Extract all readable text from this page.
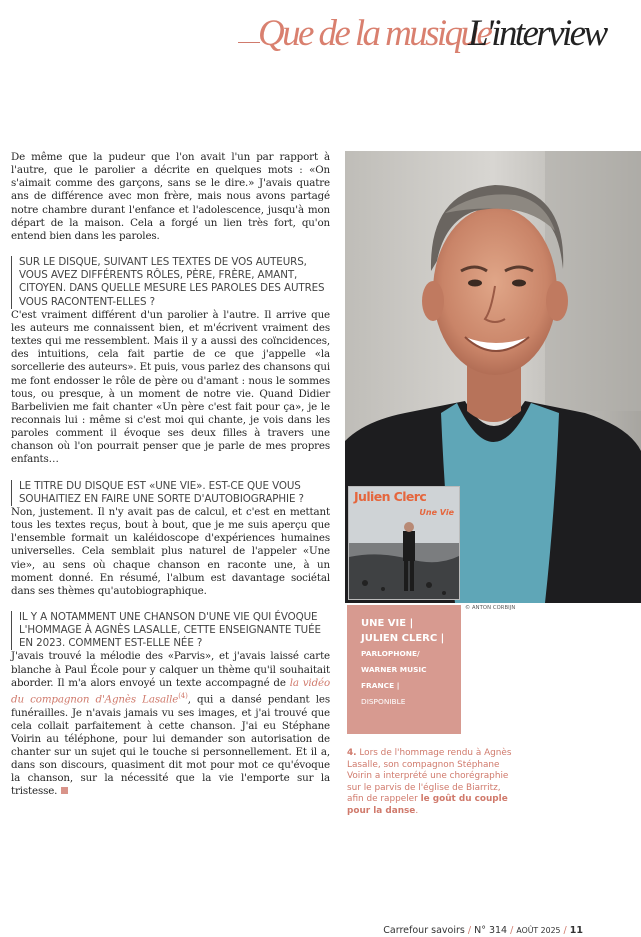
Que de la musique
L'interview

De même que la pudeur que l'on avait l'un par rapport à l'autre, que le parolier a décrite en quelques mots : «On s'aimait comme des garçons, sans se le dire.» J'avais quatre ans de différence avec mon frère, mais nous avons partagé notre chambre durant l'enfance et l'adolescence, jusqu'à mon départ de la maison. Cela a forgé un lien très fort, qu'on entend bien dans les paroles.

SUR LE DISQUE, SUIVANT LES TEXTES DE VOS AUTEURS, VOUS AVEZ DIFFÉRENTS RÔLES, PÈRE, FRÈRE, AMANT, CITOYEN. DANS QUELLE MESURE LES PAROLES DES AUTRES VOUS RACONTENT-ELLES ?

C'est vraiment différent d'un parolier à l'autre. Il arrive que les auteurs me connaissent bien, et m'écrivent vraiment des textes qui me ressemblent. Mais il y a aussi des coïncidences, des intuitions, cela fait partie de ce que j'appelle «la sorcellerie des auteurs». Et puis, vous parlez des chansons qui me font endosser le rôle de père ou d'amant : nous le sommes tous, ou presque, à un moment de notre vie. Quand Didier Barbelivien me fait chanter «Un père c'est fait pour ça», je le reconnais lui : même si c'est moi qui chante, je vois dans les paroles comment il évoque ses deux filles à travers une chanson où l'on pourrait penser que je parle de mes propres enfants…

LE TITRE DU DISQUE EST «UNE VIE». EST-CE QUE VOUS SOUHAITIEZ EN FAIRE UNE SORTE D'AUTOBIOGRAPHIE ?

Non, justement. Il n'y avait pas de calcul, et c'est en mettant tous les textes reçus, bout à bout, que je me suis aperçu que l'ensemble formait un kaléidoscope d'expériences humaines universelles. Cela semblait plus naturel de l'appeler «Une vie», au sens où chaque chanson en raconte une, à un moment donné. En résumé, l'album est davantage sociétal dans ses thèmes qu'autobiographique.

IL Y A NOTAMMENT UNE CHANSON D'UNE VIE QUI ÉVOQUE L'HOMMAGE À AGNÈS LASALLE, CETTE ENSEIGNANTE TUÉE EN 2023. COMMENT EST-ELLE NÉE ?

J'avais trouvé la mélodie des «Parvis», et j'avais laissé carte blanche à Paul École pour y calquer un thème qu'il souhaitait aborder. Il m'a alors envoyé un texte accompagné de la vidéo du compagnon d'Agnès Lasalle$^{(4)}$, qui a dansé pendant les funérailles. Je n'avais jamais vu ses images, et j'ai trouvé que cela collait parfaitement à cette chanson. J'ai eu Stéphane Voirin au téléphone, pour lui demander son autorisation de chanter sur un sujet qui le touche si personnellement. Et il a, dans son discours, quasiment dit mot pour mot ce qu'évoque la chanson, sur la nécessité que la vie l'emporte sur la tristesse.

Julien Clerc
Une Vie
© ANTON CORBIJN
UNE VIE |
JULIEN CLERC |
PARLOPHONE/
WARNER MUSIC
FRANCE |
DISPONIBLE

4. Lors de l'hommage rendu à Agnès Lasalle, son compagnon Stéphane Voirin a interprété une chorégraphie sur le parvis de l'église de Biarritz, afin de rappeler le goût du couple pour la danse.

Carrefour savoirs / N° 314 / AOÛT 2025 / 11
